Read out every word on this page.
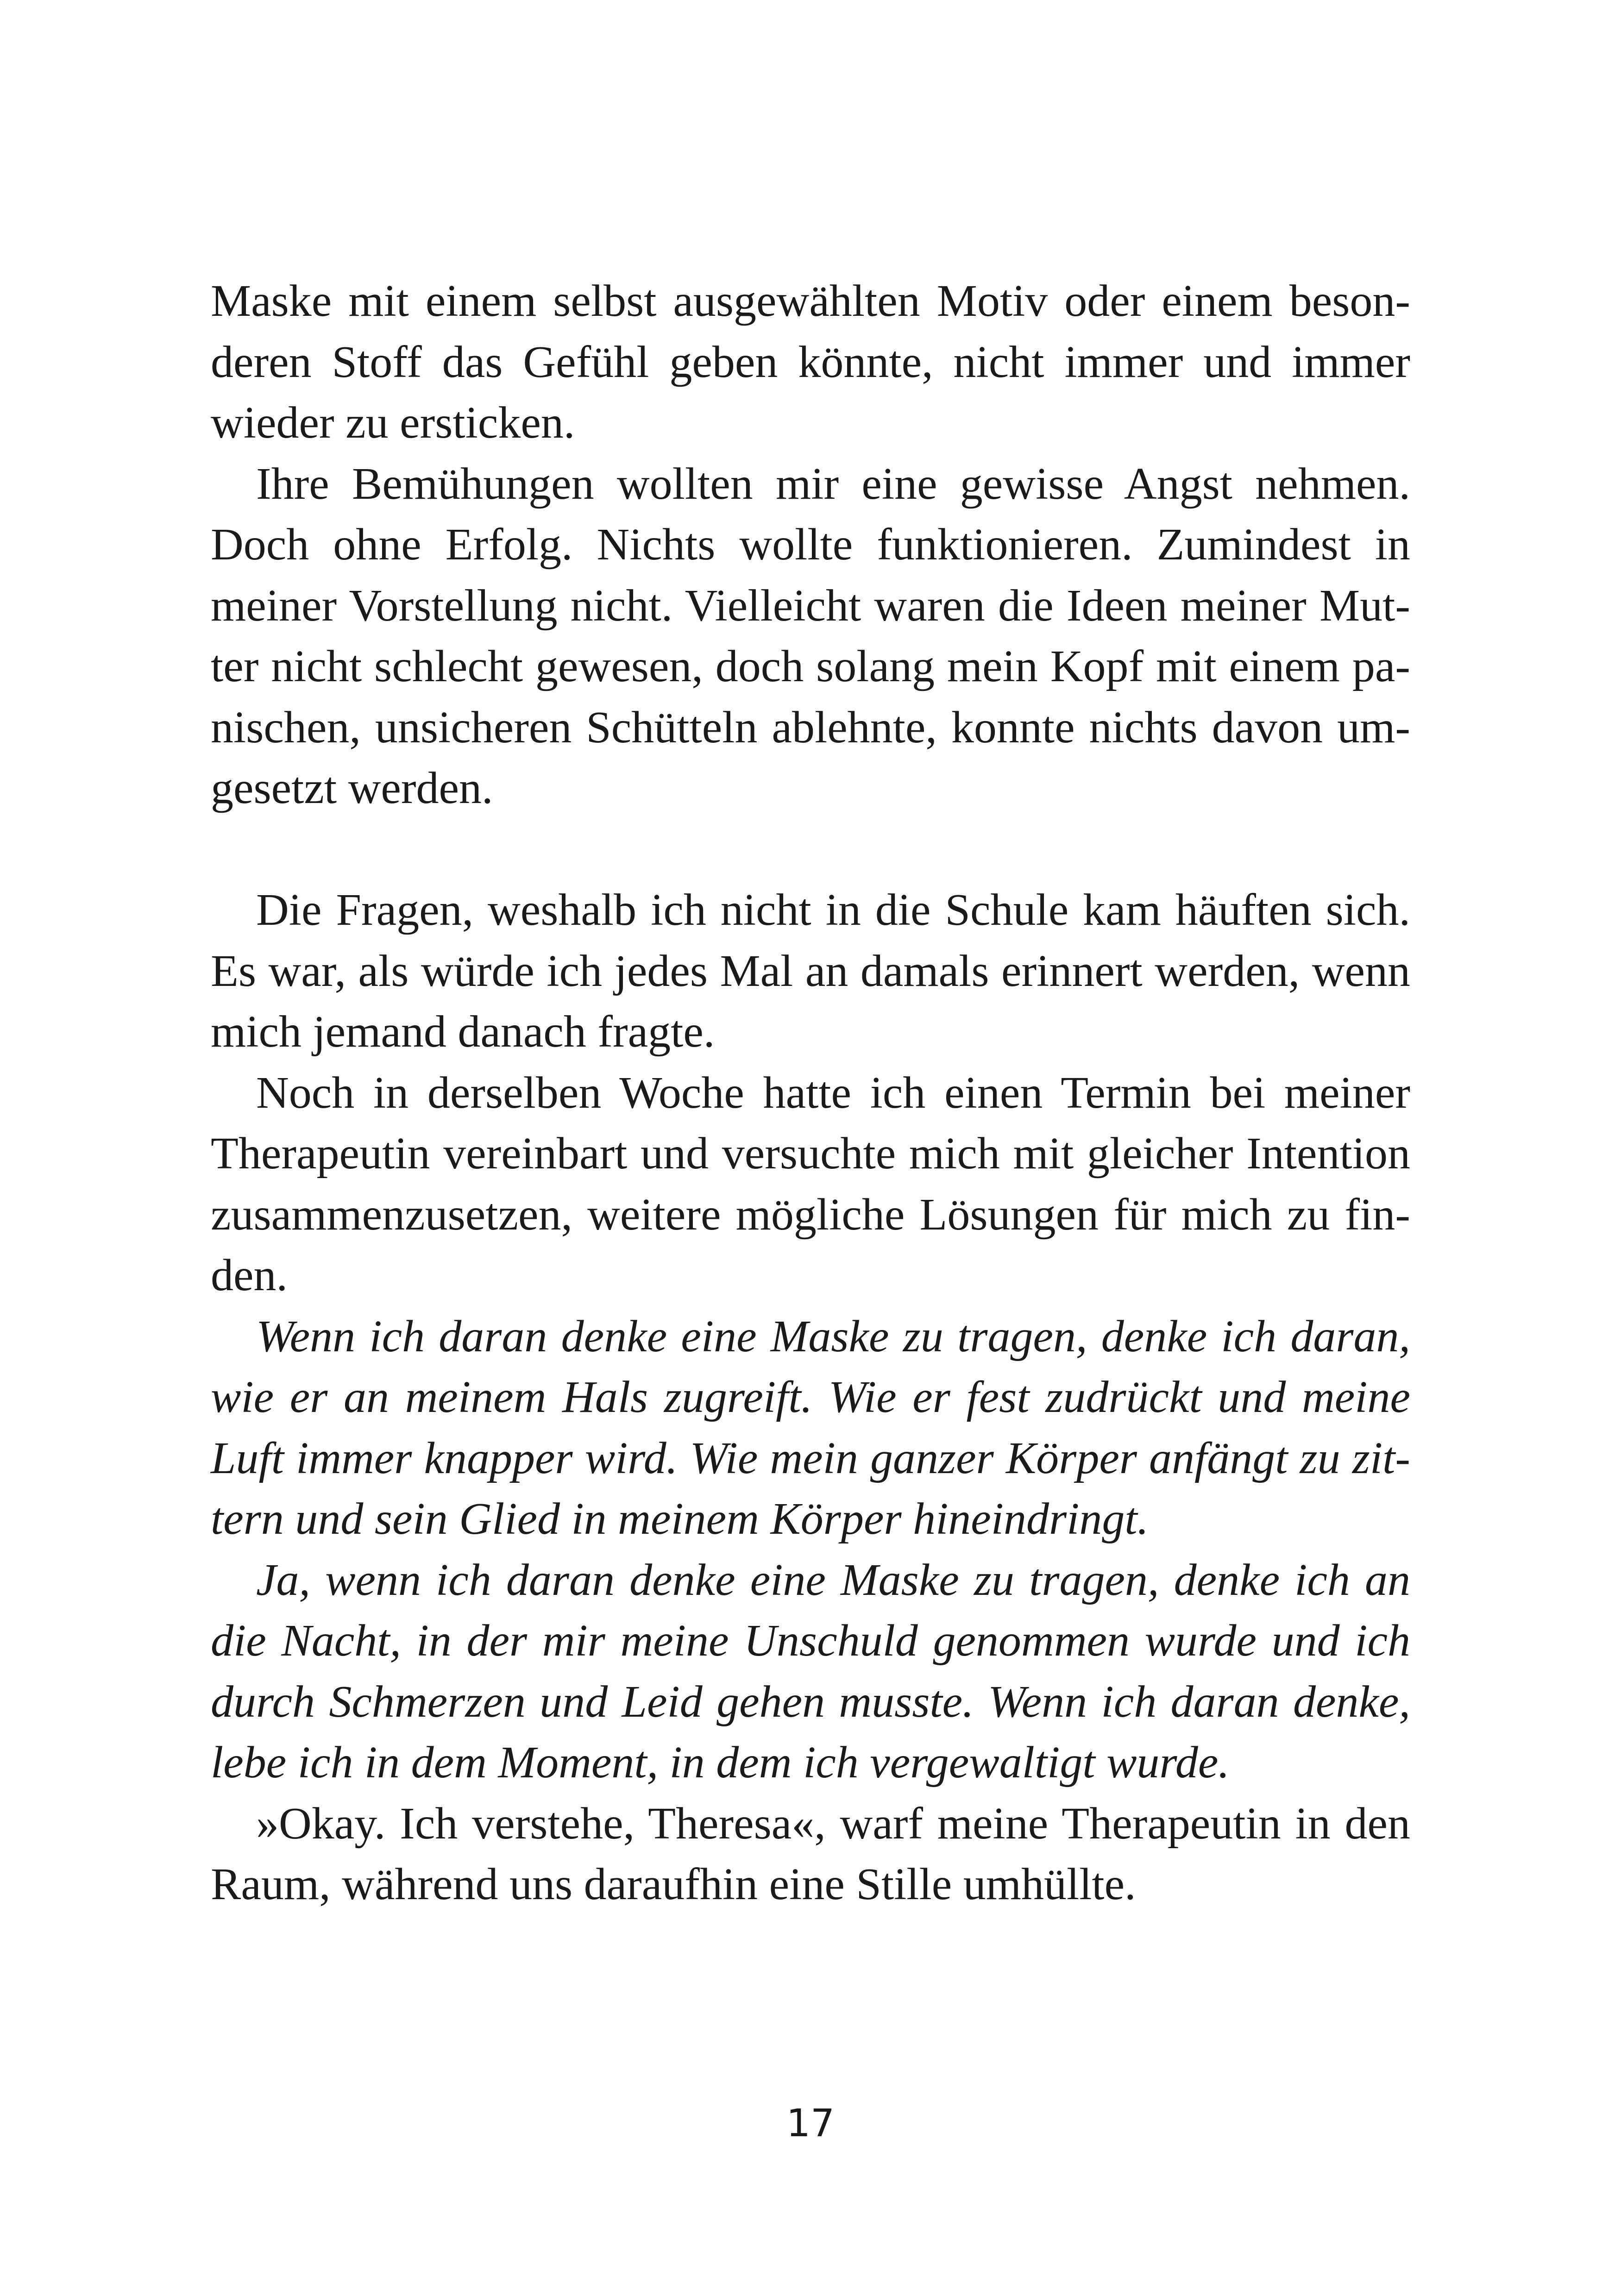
Maske mit einem selbst ausgewählten Motiv oder einem beson-
deren Stoff das Gefühl geben könnte, nicht immer und immer
wieder zu ersticken.
Ihre Bemühungen wollten mir eine gewisse Angst nehmen.
Doch ohne Erfolg. Nichts wollte funktionieren. Zumindest in
meiner Vorstellung nicht. Vielleicht waren die Ideen meiner Mut-
ter nicht schlecht gewesen, doch solang mein Kopf mit einem pa-
nischen, unsicheren Schütteln ablehnte, konnte nichts davon um-
gesetzt werden.
Die Fragen, weshalb ich nicht in die Schule kam häuften sich.
Es war, als würde ich jedes Mal an damals erinnert werden, wenn
mich jemand danach fragte.
Noch in derselben Woche hatte ich einen Termin bei meiner
Therapeutin vereinbart und versuchte mich mit gleicher Intention
zusammenzusetzen, weitere mögliche Lösungen für mich zu fin-
den.
Wenn ich daran denke eine Maske zu tragen, denke ich daran,
wie er an meinem Hals zugreift. Wie er fest zudrückt und meine
Luft immer knapper wird. Wie mein ganzer Körper anfängt zu zit-
tern und sein Glied in meinem Körper hineindringt.
Ja, wenn ich daran denke eine Maske zu tragen, denke ich an
die Nacht, in der mir meine Unschuld genommen wurde und ich
durch Schmerzen und Leid gehen musste. Wenn ich daran denke,
lebe ich in dem Moment, in dem ich vergewaltigt wurde.
»Okay. Ich verstehe, Theresa«, warf meine Therapeutin in den
Raum, während uns daraufhin eine Stille umhüllte.
17
